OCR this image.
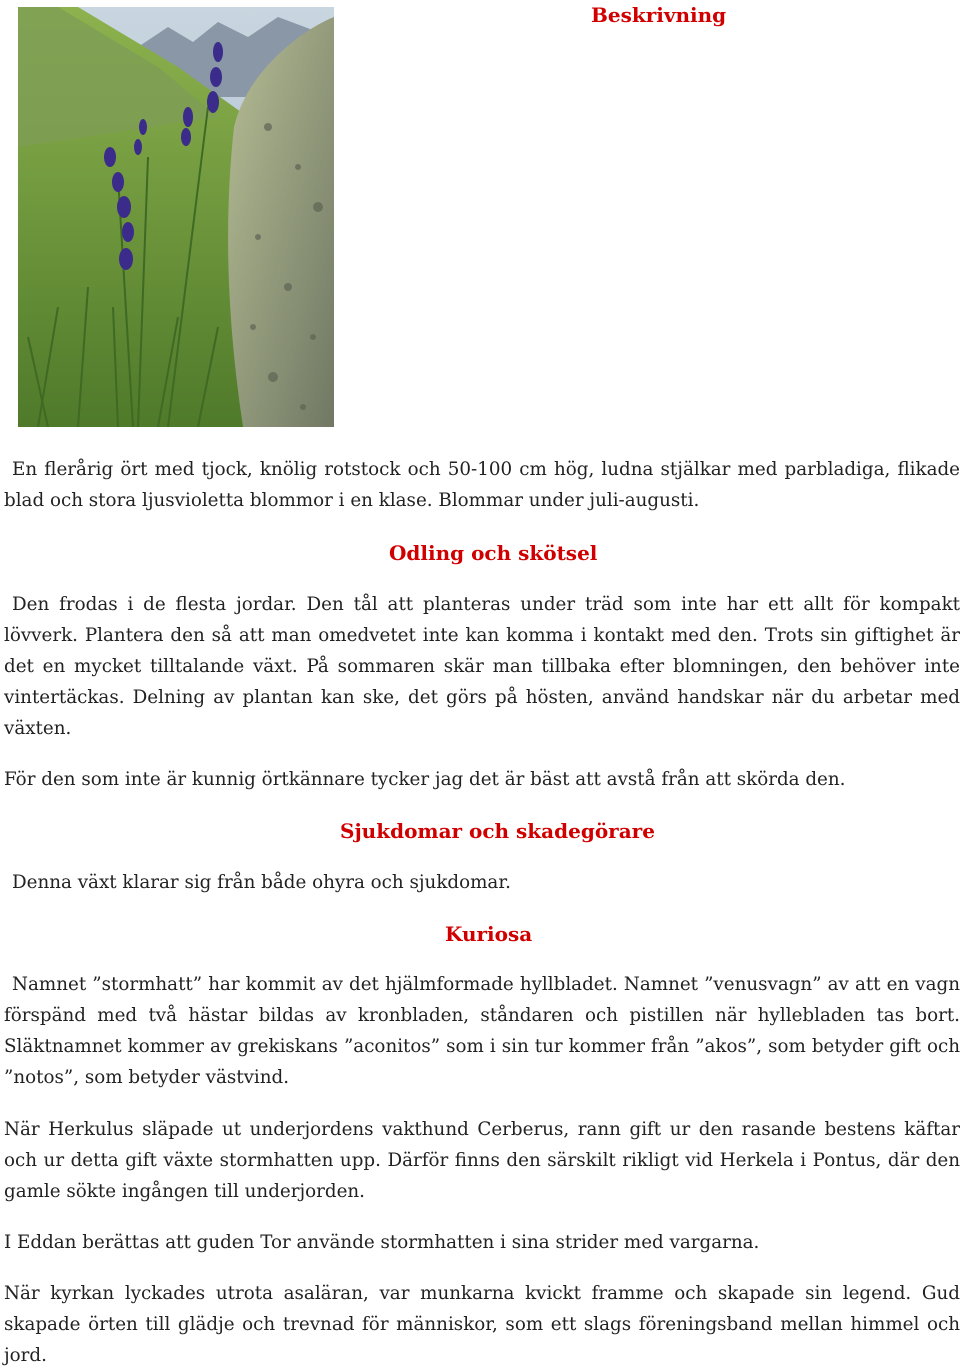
Beskrivning

En flerårig ört med tjock, knölig rotstock och 50-100 cm hög, ludna stjälkar med parbladiga, flikade blad och stora ljusvioletta blommor i en klase. Blommar under juli-augusti.

Odling och skötsel

Den frodas i de flesta jordar. Den tål att planteras under träd som inte har ett allt för kompakt lövverk. Plantera den så att man omedvetet inte kan komma i kontakt med den. Trots sin giftighet är det en mycket tilltalande växt. På sommaren skär man tillbaka efter blomningen, den behöver inte vintertäckas. Delning av plantan kan ske, det görs på hösten, använd handskar när du arbetar med växten.

För den som inte är kunnig örtkännare tycker jag det är bäst att avstå från att skörda den.

Sjukdomar och skadegörare

Denna växt klarar sig från både ohyra och sjukdomar.

Kuriosa

Namnet ”stormhatt” har kommit av det hjälmformade hyllbladet. Namnet ”venusvagn” av att en vagn förspänd med två hästar bildas av kronbladen, ståndaren och pistillen när hyllebladen tas bort. Släktnamnet kommer av grekiskans ”aconitos” som i sin tur kommer från ”akos”, som betyder gift och ”notos”, som betyder västvind.

När Herkulus släpade ut underjordens vakthund Cerberus, rann gift ur den rasande bestens käftar och ur detta gift växte stormhatten upp. Därför finns den särskilt rikligt vid Herkela i Pontus, där den gamle sökte ingången till underjorden.

I Eddan berättas att guden Tor använde stormhatten i sina strider med vargarna.

När kyrkan lyckades utrota asaläran, var munkarna kvickt framme och skapade sin legend. Gud skapade örten till glädje och trevnad för människor, som ett slags föreningsband mellan himmel och jord.
